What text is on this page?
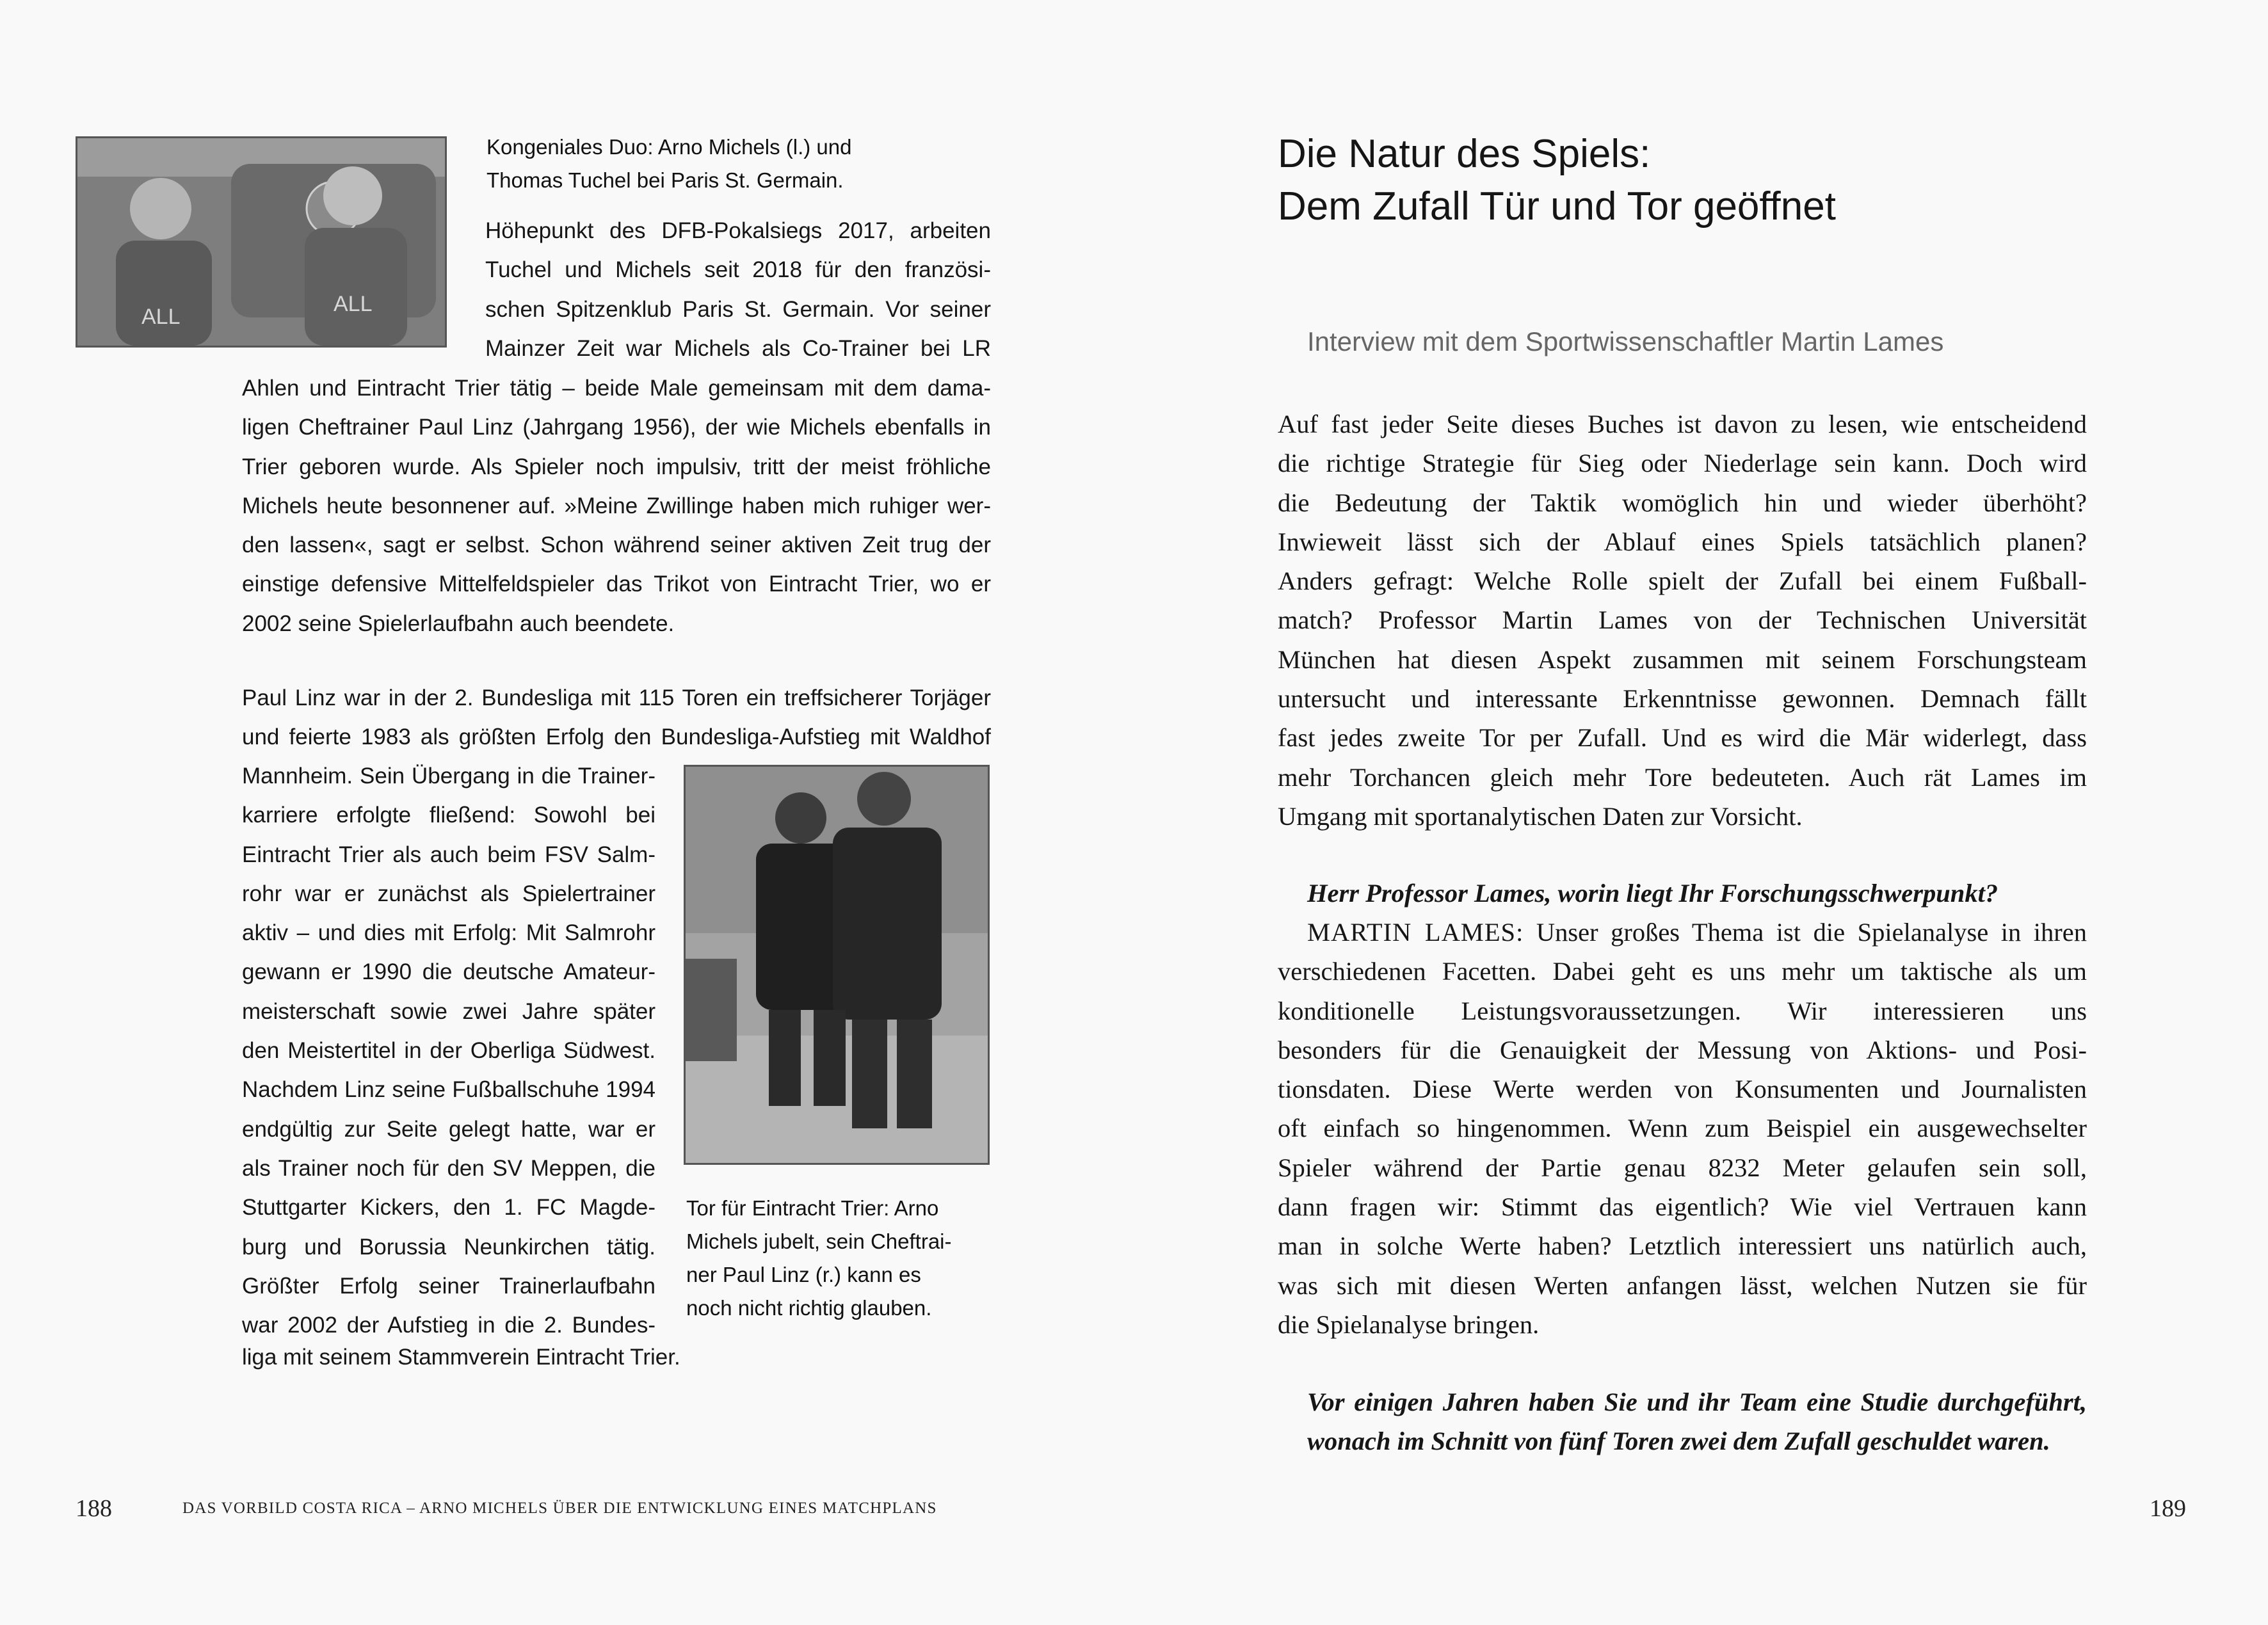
ALL
ALL
Kongeniales Duo: Arno Michels (l.) und
Thomas Tuchel bei Paris St. Germain.
Höhepunkt des DFB-Pokalsiegs 2017, arbeiten
Tuchel und Michels seit 2018 für den französi-
schen Spitzenklub Paris St. Germain. Vor seiner
Mainzer Zeit war Michels als Co-Trainer bei LR
Ahlen und Eintracht Trier tätig – beide Male gemeinsam mit dem dama-
ligen Cheftrainer Paul Linz (Jahrgang 1956), der wie Michels ebenfalls in
Trier geboren wurde. Als Spieler noch impulsiv, tritt der meist fröhliche
Michels heute besonnener auf. »Meine Zwillinge haben mich ruhiger wer-
den lassen«, sagt er selbst. Schon während seiner aktiven Zeit trug der
einstige defensive Mittelfeldspieler das Trikot von Eintracht Trier, wo er
2002 seine Spielerlaufbahn auch beendete.
Paul Linz war in der 2. Bundesliga mit 115 Toren ein treffsicherer Torjäger
und feierte 1983 als größten Erfolg den Bundesliga-Aufstieg mit Waldhof
Mannheim. Sein Übergang in die Trainer-
karriere erfolgte fließend: Sowohl bei
Eintracht Trier als auch beim FSV Salm-
rohr war er zunächst als Spielertrainer
aktiv – und dies mit Erfolg: Mit Salmrohr
gewann er 1990 die deutsche Amateur-
meisterschaft sowie zwei Jahre später
den Meistertitel in der Oberliga Südwest.
Nachdem Linz seine Fußballschuhe 1994
endgültig zur Seite gelegt hatte, war er
als Trainer noch für den SV Meppen, die
Stuttgarter Kickers, den 1. FC Magde-
burg und Borussia Neunkirchen tätig.
Größter Erfolg seiner Trainerlaufbahn
war 2002 der Aufstieg in die 2. Bundes-
liga mit seinem Stammverein Eintracht Trier.
Tor für Eintracht Trier: Arno
Michels jubelt, sein Cheftrai-
ner Paul Linz (r.) kann es
noch nicht richtig glauben.
188	DAS VORBILD COSTA RICA – ARNO MICHELS ÜBER DIE ENTWICKLUNG EINES MATCHPLANS
Die Natur des Spiels:
Dem Zufall Tür und Tor geöffnet
Interview mit dem Sportwissenschaftler Martin Lames
Auf fast jeder Seite dieses Buches ist davon zu lesen, wie entscheidend
die richtige Strategie für Sieg oder Niederlage sein kann. Doch wird
die Bedeutung der Taktik womöglich hin und wieder überhöht?
Inwieweit lässt sich der Ablauf eines Spiels tatsächlich planen?
Anders gefragt: Welche Rolle spielt der Zufall bei einem Fußball-
match? Professor Martin Lames von der Technischen Universität
München hat diesen Aspekt zusammen mit seinem Forschungsteam
untersucht und interessante Erkenntnisse gewonnen. Demnach fällt
fast jedes zweite Tor per Zufall. Und es wird die Mär widerlegt, dass
mehr Torchancen gleich mehr Tore bedeuteten. Auch rät Lames im
Umgang mit sportanalytischen Daten zur Vorsicht.
Herr Professor Lames, worin liegt Ihr Forschungsschwerpunkt?
MARTIN LAMES: Unser großes Thema ist die Spielanalyse in ihren
verschiedenen Facetten. Dabei geht es uns mehr um taktische als um
konditionelle Leistungsvoraussetzungen. Wir interessieren uns
besonders für die Genauigkeit der Messung von Aktions- und Posi-
tionsdaten. Diese Werte werden von Konsumenten und Journalisten
oft einfach so hingenommen. Wenn zum Beispiel ein ausgewechselter
Spieler während der Partie genau 8232 Meter gelaufen sein soll,
dann fragen wir: Stimmt das eigentlich? Wie viel Vertrauen kann
man in solche Werte haben? Letztlich interessiert uns natürlich auch,
was sich mit diesen Werten anfangen lässt, welchen Nutzen sie für
die Spielanalyse bringen.
Vor einigen Jahren haben Sie und ihr Team eine Studie durchgeführt,
wonach im Schnitt von fünf Toren zwei dem Zufall geschuldet waren.
189
